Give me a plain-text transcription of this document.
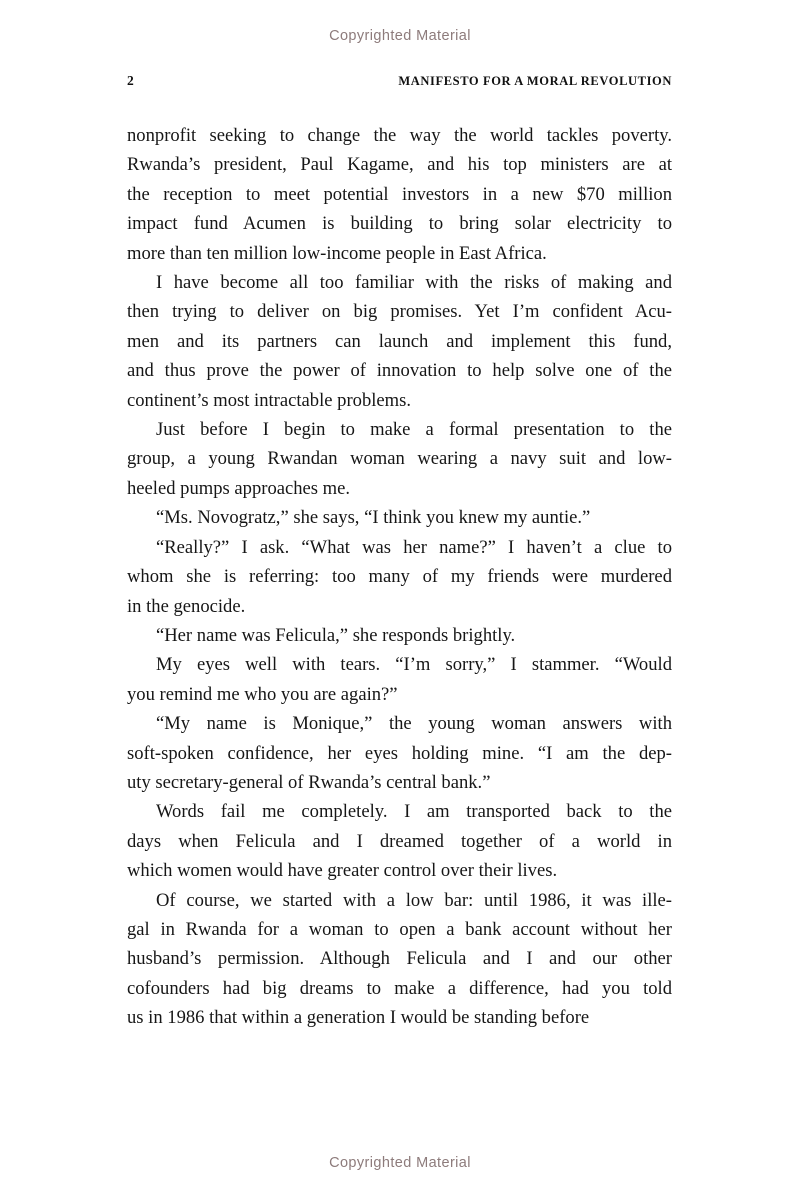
Copyrighted Material
2	MANIFESTO FOR A MORAL REVOLUTION
nonprofit seeking to change the way the world tackles poverty.
Rwanda’s president, Paul Kagame, and his top ministers are at
the reception to meet potential investors in a new $70 million
impact fund Acumen is building to bring solar electricity to
more than ten million low-income people in East Africa.
I have become all too familiar with the risks of making and
then trying to deliver on big promises. Yet I’m confident Acu-
men and its partners can launch and implement this fund,
and thus prove the power of innovation to help solve one of the
continent’s most intractable problems.
Just before I begin to make a formal presentation to the
group, a young Rwandan woman wearing a navy suit and low-
heeled pumps approaches me.
“Ms. Novogratz,” she says, “I think you knew my auntie.”
“Really?” I ask. “What was her name?” I haven’t a clue to
whom she is referring: too many of my friends were murdered
in the genocide.
“Her name was Felicula,” she responds brightly.
My eyes well with tears. “I’m sorry,” I stammer. “Would
you remind me who you are again?”
“My name is Monique,” the young woman answers with
soft-spoken confidence, her eyes holding mine. “I am the dep-
uty secretary-general of Rwanda’s central bank.”
Words fail me completely. I am transported back to the
days when Felicula and I dreamed together of a world in
which women would have greater control over their lives.
Of course, we started with a low bar: until 1986, it was ille-
gal in Rwanda for a woman to open a bank account without her
husband’s permission. Although Felicula and I and our other
cofounders had big dreams to make a difference, had you told
us in 1986 that within a generation I would be standing before
Copyrighted Material
